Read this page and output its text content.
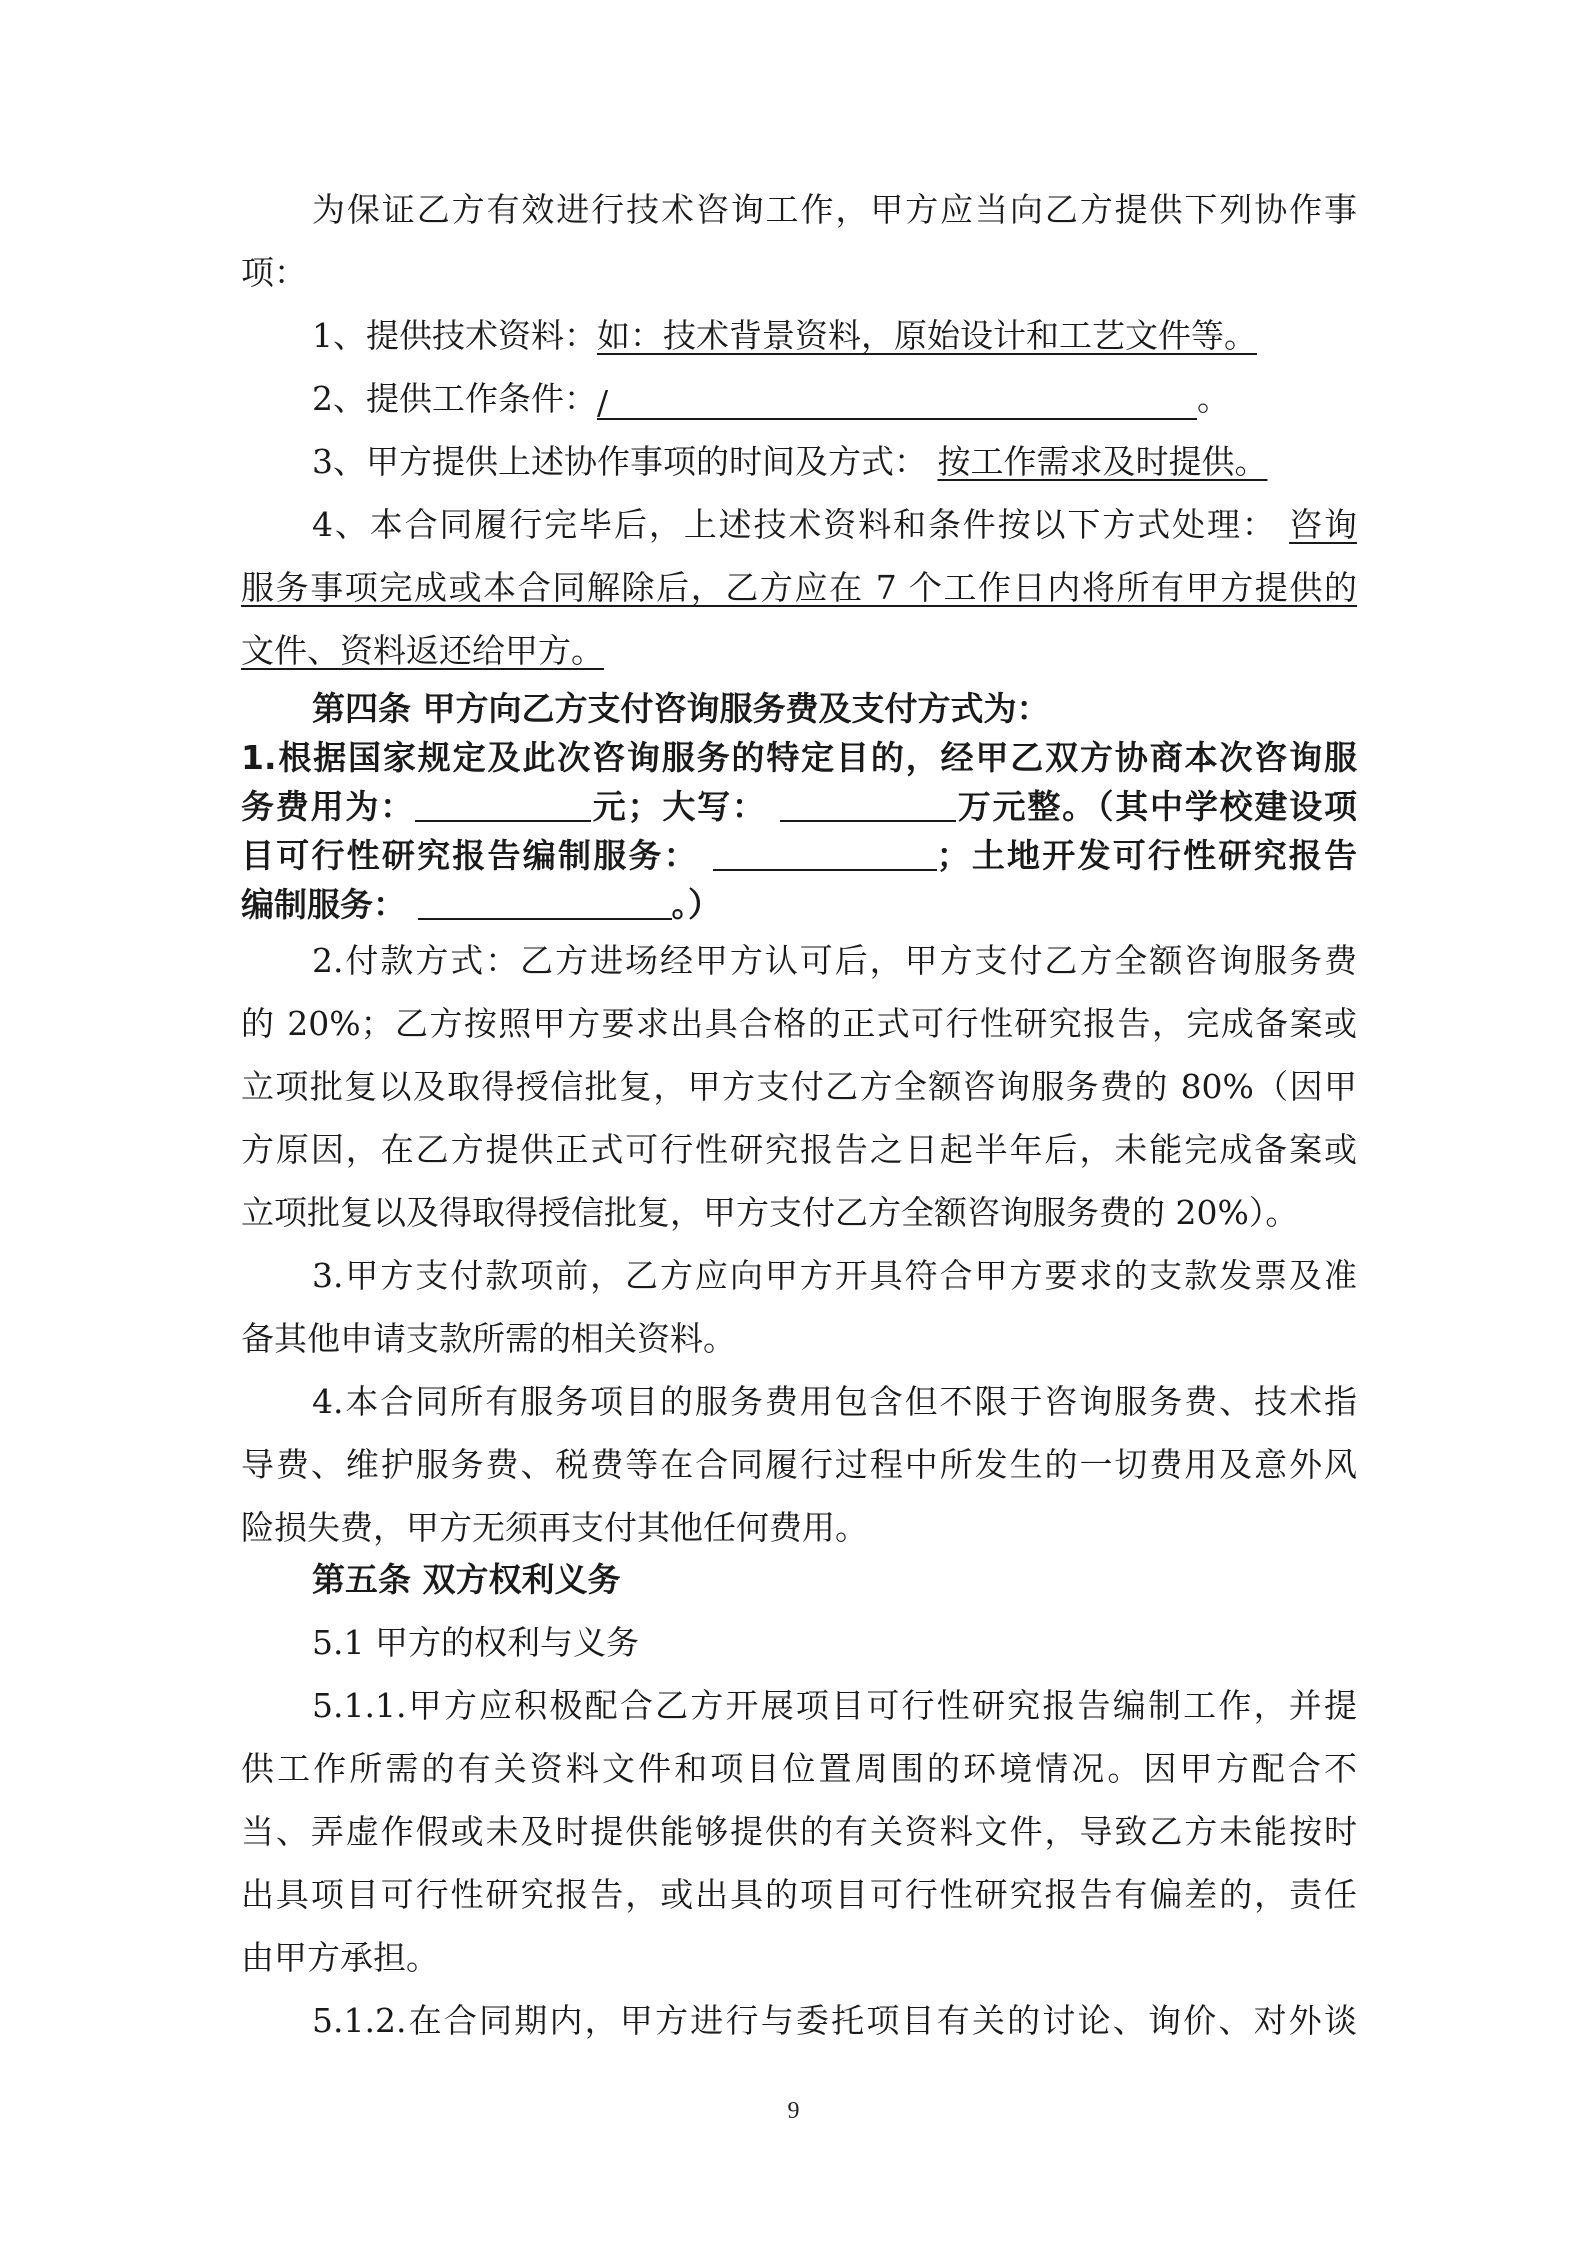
为保证乙方有效进行技术咨询工作，甲方应当向乙方提供下列协作事
项：
1、提供技术资料：如：技术背景资料，原始设计和工艺文件等。
2、提供工作条件：/	。
3、甲方提供上述协作事项的时间及方式： 按工作需求及时提供。
4、本合同履行完毕后，上述技术资料和条件按以下方式处理： 咨询
服务事项完成或本合同解除后，乙方应在 7 个工作日内将所有甲方提供的
文件、资料返还给甲方。
第四条 甲方向乙方支付咨询服务费及支付方式为：
1.根据国家规定及此次咨询服务的特定目的，经甲乙双方协商本次咨询服
务费用为：	元；大写：	万元整。（其中学校建设项
目可行性研究报告编制服务：	；土地开发可行性研究报告
编制服务：	。）
2.付款方式：乙方进场经甲方认可后，甲方支付乙方全额咨询服务费
的 20%；乙方按照甲方要求出具合格的正式可行性研究报告，完成备案或
立项批复以及取得授信批复，甲方支付乙方全额咨询服务费的 80%（因甲
方原因，在乙方提供正式可行性研究报告之日起半年后，未能完成备案或
立项批复以及得取得授信批复，甲方支付乙方全额咨询服务费的 20%）。
3.甲方支付款项前，乙方应向甲方开具符合甲方要求的支款发票及准
备其他申请支款所需的相关资料。
4.本合同所有服务项目的服务费用包含但不限于咨询服务费、技术指
导费、维护服务费、税费等在合同履行过程中所发生的一切费用及意外风
险损失费，甲方无须再支付其他任何费用。
第五条 双方权利义务
5.1 甲方的权利与义务
5.1.1.甲方应积极配合乙方开展项目可行性研究报告编制工作，并提
供工作所需的有关资料文件和项目位置周围的环境情况。因甲方配合不
当、弄虚作假或未及时提供能够提供的有关资料文件，导致乙方未能按时
出具项目可行性研究报告，或出具的项目可行性研究报告有偏差的，责任
由甲方承担。
5.1.2.在合同期内，甲方进行与委托项目有关的讨论、询价、对外谈
9
